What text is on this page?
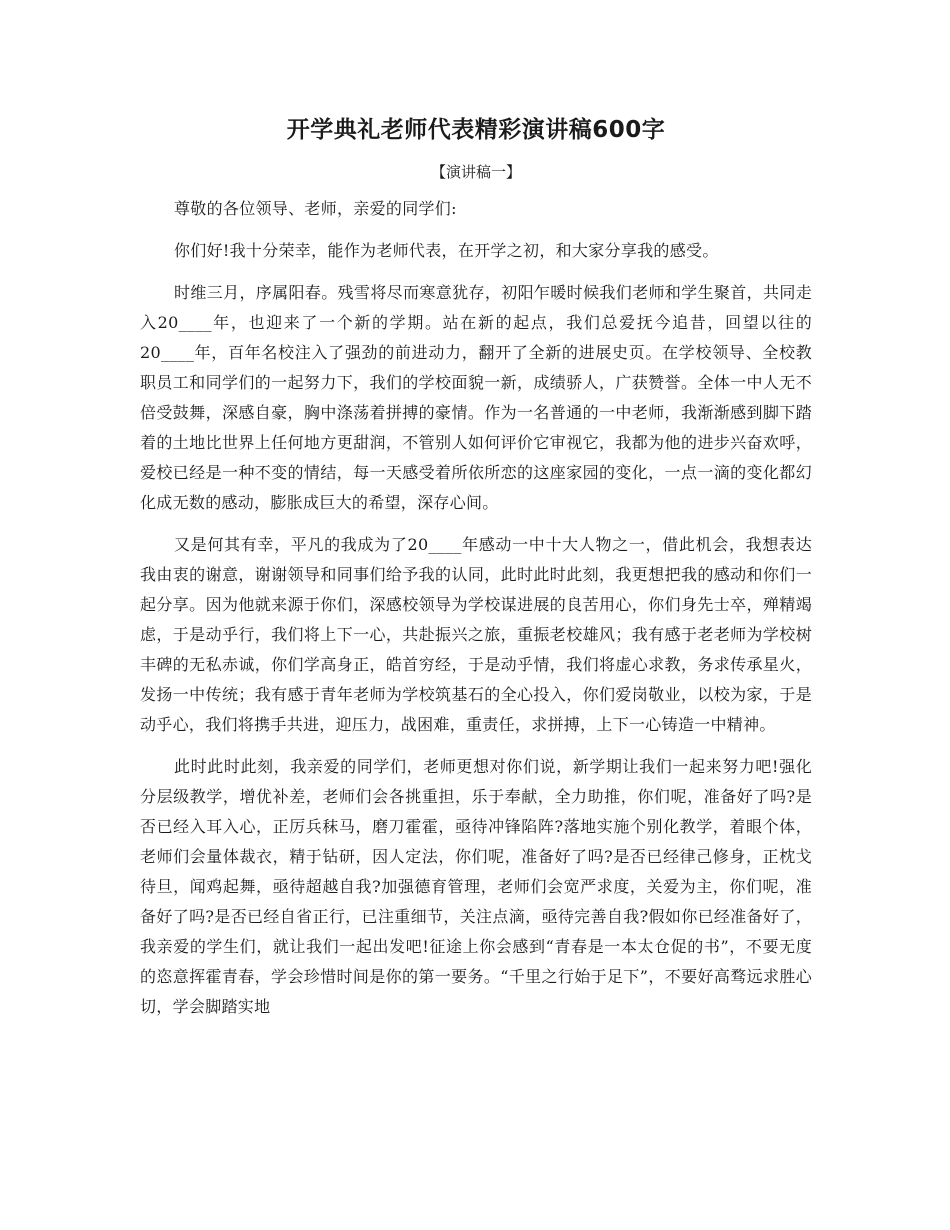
开学典礼老师代表精彩演讲稿600字

【演讲稿一】

尊敬的各位领导、老师，亲爱的同学们:

你们好!我十分荣幸，能作为老师代表，在开学之初，和大家分享我的感受。

时维三月，序属阳春。残雪将尽而寒意犹存，初阳乍暖时候我们老师和学生聚首，共同走入20____年，也迎来了一个新的学期。站在新的起点，我们总爱抚今追昔，回望以往的20____年，百年名校注入了强劲的前进动力，翻开了全新的进展史页。在学校领导、全校教职员工和同学们的一起努力下，我们的学校面貌一新，成绩骄人，广获赞誉。全体一中人无不倍受鼓舞，深感自豪，胸中涤荡着拼搏的豪情。作为一名普通的一中老师，我渐渐感到脚下踏着的土地比世界上任何地方更甜润，不管别人如何评价它审视它，我都为他的进步兴奋欢呼，爱校已经是一种不变的情结，每一天感受着所依所恋的这座家园的变化，一点一滴的变化都幻化成无数的感动，膨胀成巨大的希望，深存心间。

又是何其有幸，平凡的我成为了20____年感动一中十大人物之一，借此机会，我想表达我由衷的谢意，谢谢领导和同事们给予我的认同，此时此时此刻，我更想把我的感动和你们一起分享。因为他就来源于你们，深感校领导为学校谋进展的良苦用心，你们身先士卒，殚精竭虑，于是动乎行，我们将上下一心，共赴振兴之旅，重振老校雄风；我有感于老老师为学校树丰碑的无私赤诚，你们学高身正，皓首穷经，于是动乎情，我们将虚心求教，务求传承星火，发扬一中传统；我有感于青年老师为学校筑基石的全心投入，你们爱岗敬业，以校为家，于是动乎心，我们将携手共进，迎压力，战困难，重责任，求拼搏，上下一心铸造一中精神。

此时此时此刻，我亲爱的同学们，老师更想对你们说，新学期让我们一起来努力吧!强化分层级教学，增优补差，老师们会各挑重担，乐于奉献，全力助推，你们呢，准备好了吗?是否已经入耳入心，正厉兵秣马，磨刀霍霍，亟待冲锋陷阵?落地实施个别化教学，着眼个体，老师们会量体裁衣，精于钻研，因人定法，你们呢，准备好了吗?是否已经律己修身，正枕戈待旦，闻鸡起舞，亟待超越自我?加强德育管理，老师们会宽严求度，关爱为主，你们呢，准备好了吗?是否已经自省正行，已注重细节，关注点滴，亟待完善自我?假如你已经准备好了，我亲爱的学生们，就让我们一起出发吧!征途上你会感到“青春是一本太仓促的书”，不要无度的恣意挥霍青春，学会珍惜时间是你的第一要务。“千里之行始于足下”，不要好高骛远求胜心切，学会脚踏实地
